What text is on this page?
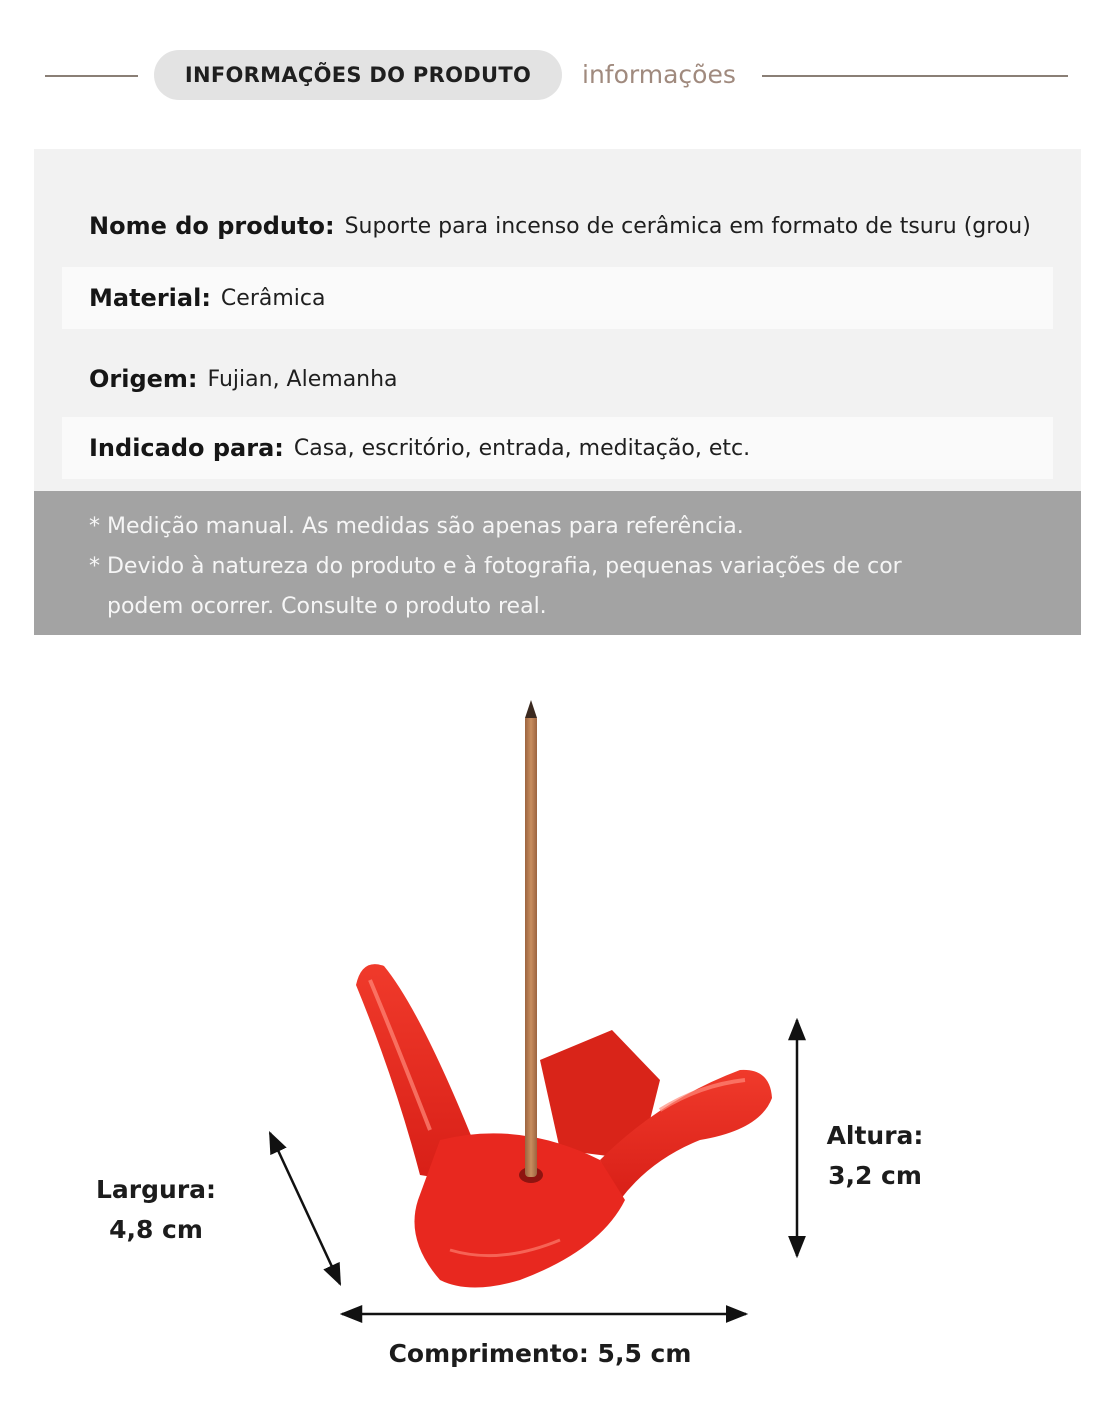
INFORMAÇÕES DO PRODUTO informações
Nome do produto: Suporte para incenso de cerâmica em formato de tsuru (grou)
Material: Cerâmica
Origem: Fujian, Alemanha
Indicado para: Casa, escritório, entrada, meditação, etc.
* Medição manual. As medidas são apenas para referência.
* Devido à natureza do produto e à fotografia, pequenas variações de cor
podem ocorrer. Consulte o produto real.
Largura:
4,8 cm
Altura:
3,2 cm
Comprimento: 5,5 cm
